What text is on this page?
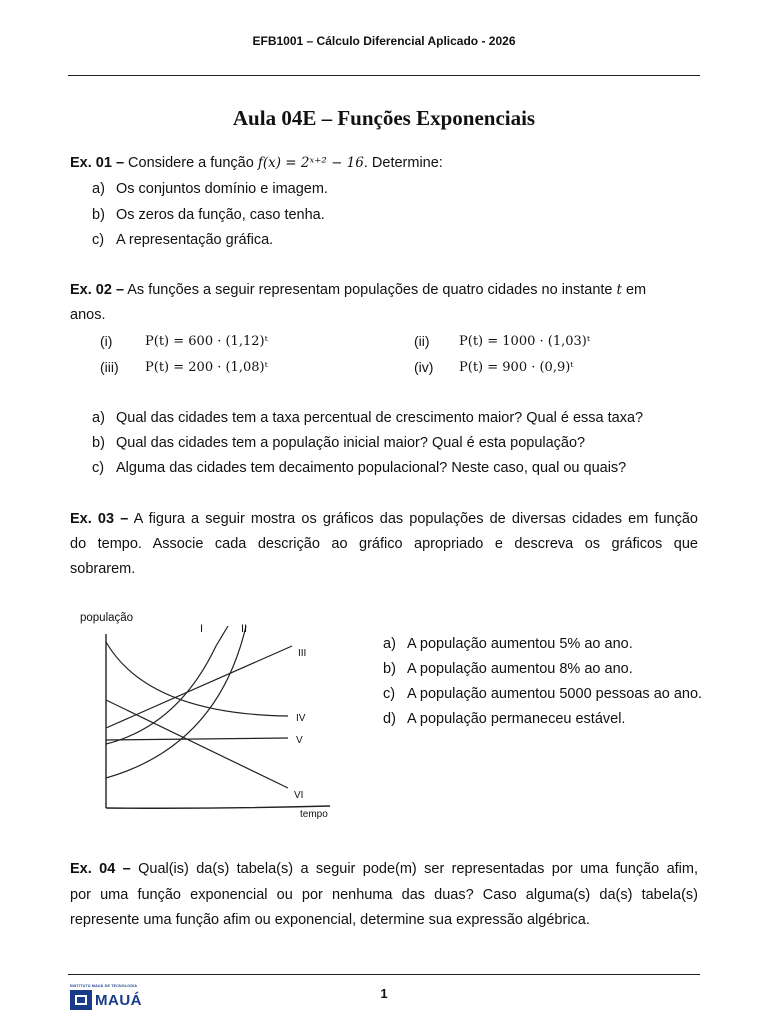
EFB1001 – Cálculo Diferencial Aplicado - 2026
Aula 04E – Funções Exponenciais
Ex. 01 – Considere a função f(x) = 2ˣ⁺² − 16. Determine:
a) Os conjuntos domínio e imagem.
b) Os zeros da função, caso tenha.
c) A representação gráfica.
Ex. 02 – As funções a seguir representam populações de quatro cidades no instante t em
anos.
(i)	P(t) = 600 · (1,12)ᵗ	(ii) P(t) = 1000 · (1,03)ᵗ
(iii) P(t) = 200 · (1,08)ᵗ	(iv) P(t) = 900 · (0,9)ᵗ
a) Qual das cidades tem a taxa percentual de crescimento maior? Qual é essa taxa?
b) Qual das cidades tem a população inicial maior? Qual é esta população?
c) Alguma das cidades tem decaimento populacional? Neste caso, qual ou quais?
Ex. 03 – A figura a seguir mostra os gráficos das populações de diversas cidades em função
do tempo. Associe cada descrição ao gráfico apropriado e descreva os gráficos que
sobrarem.
população
tempo
I	II
III
IV
V
VI
a) A população aumentou 5% ao ano.
b) A população aumentou 8% ao ano.
c) A população aumentou 5000 pessoas ao ano.
d) A população permaneceu estável.
Ex. 04 – Qual(is) da(s) tabela(s) a seguir pode(m) ser representadas por uma função afim,
por uma função exponencial ou por nenhuma das duas? Caso alguma(s) da(s) tabela(s)
represente uma função afim ou exponencial, determine sua expressão algébrica.
INSTITUTO MAUÁ DE TECNOLOGIA
MAUÁ	1
